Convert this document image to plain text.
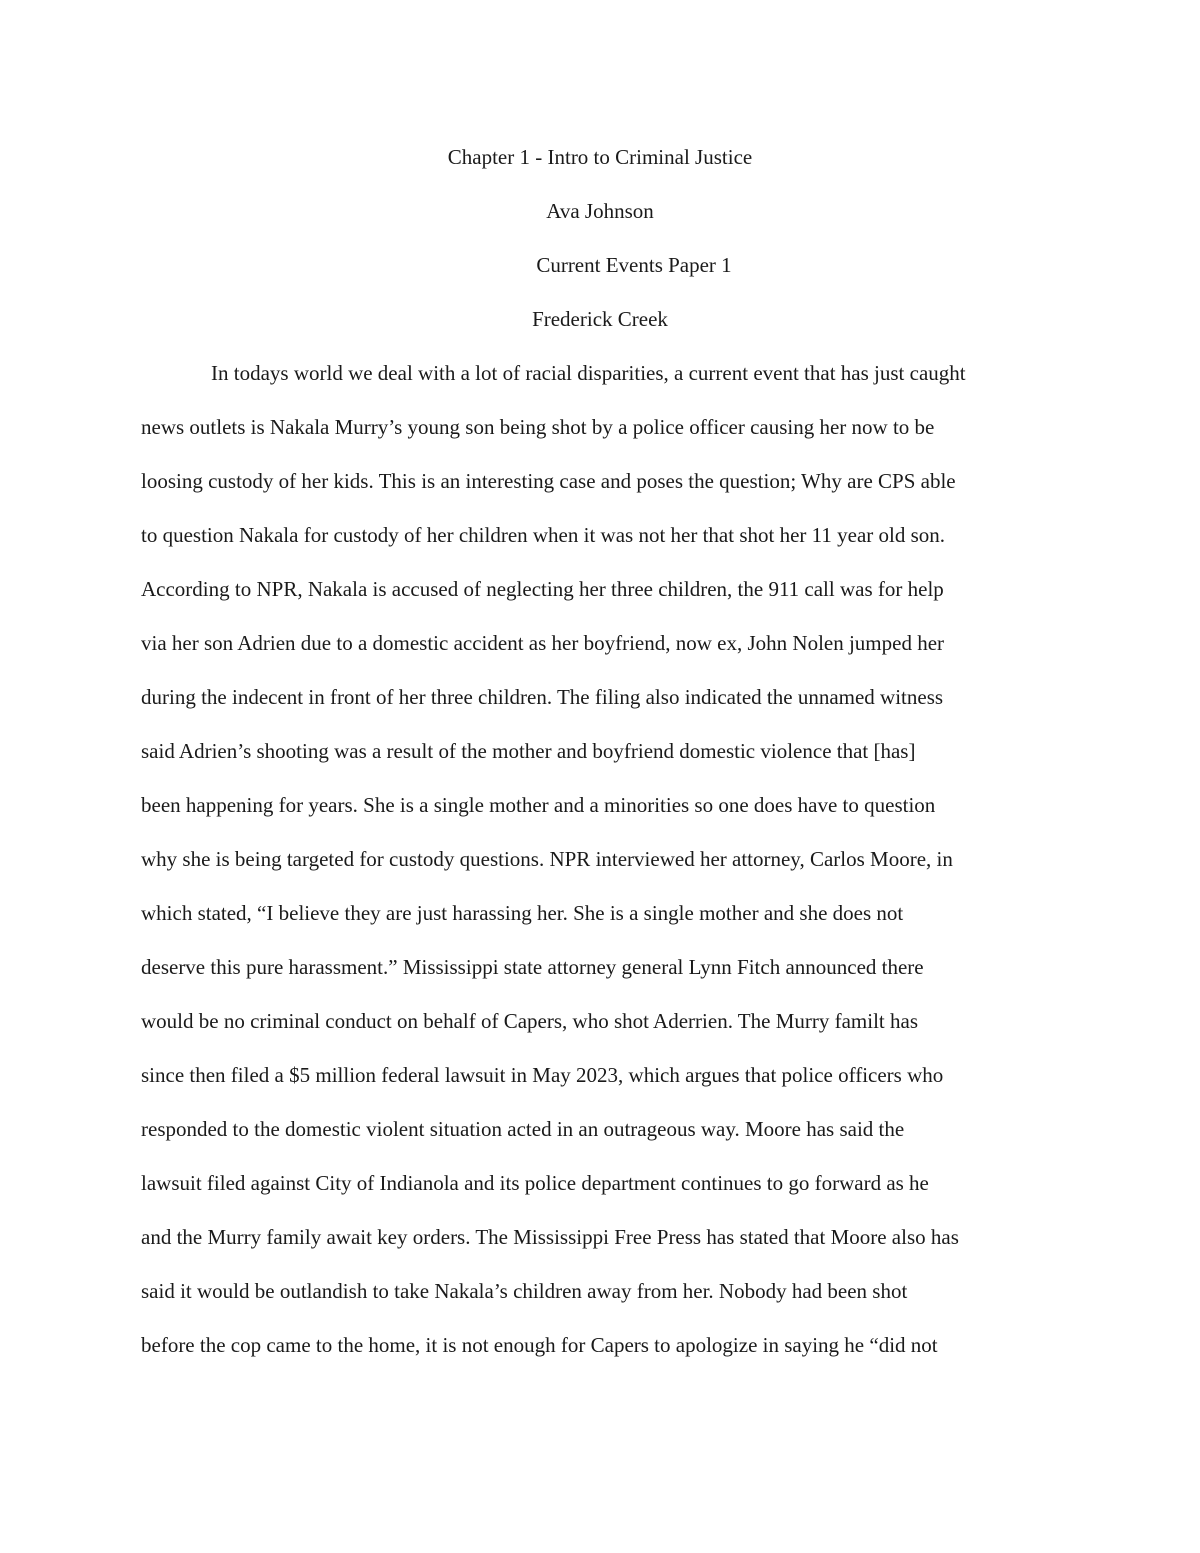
Chapter 1 - Intro to Criminal Justice
Ava Johnson
Current Events Paper 1
Frederick Creek
In todays world we deal with a lot of racial disparities, a current event that has just caught
news outlets is Nakala Murry’s young son being shot by a police officer causing her now to be
loosing custody of her kids. This is an interesting case and poses the question; Why are CPS able
to question Nakala for custody of her children when it was not her that shot her 11 year old son.
According to NPR, Nakala is accused of neglecting her three children, the 911 call was for help
via her son Adrien due to a domestic accident as her boyfriend, now ex, John Nolen jumped her
during the indecent in front of her three children. The filing also indicated the unnamed witness
said Adrien’s shooting was a result of the mother and boyfriend domestic violence that [has]
been happening for years. She is a single mother and a minorities so one does have to question
why she is being targeted for custody questions. NPR interviewed her attorney, Carlos Moore, in
which stated, “I believe they are just harassing her. She is a single mother and she does not
deserve this pure harassment.” Mississippi state attorney general Lynn Fitch announced there
would be no criminal conduct on behalf of Capers, who shot Aderrien. The Murry familt has
since then filed a $5 million federal lawsuit in May 2023, which argues that police officers who
responded to the domestic violent situation acted in an outrageous way. Moore has said the
lawsuit filed against City of Indianola and its police department continues to go forward as he
and the Murry family await key orders. The Mississippi Free Press has stated that Moore also has
said it would be outlandish to take Nakala’s children away from her. Nobody had been shot
before the cop came to the home, it is not enough for Capers to apologize in saying he “did not
